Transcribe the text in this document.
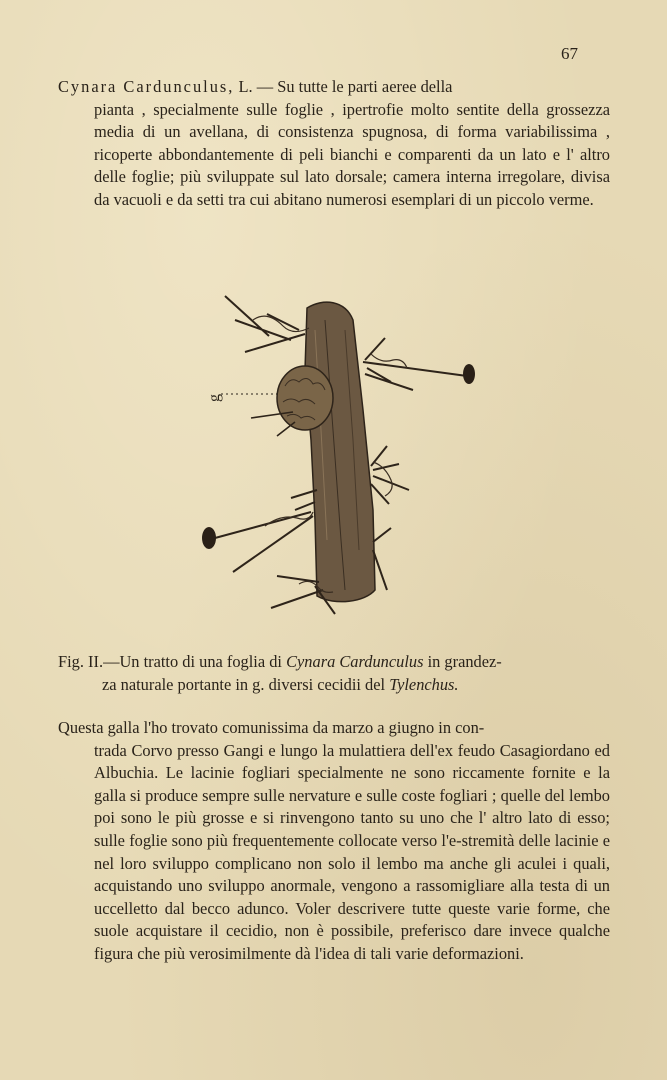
67

Cynara Cardunculus, L. — Su tutte le parti aeree della
pianta , specialmente sulle foglie , ipertrofie molto sentite della grossezza media di un avellana, di consistenza spugnosa, di forma variabilissima , ricoperte abbondantemente di peli bianchi e comparenti da un lato e l' altro delle foglie; più sviluppate sul lato dorsale; camera interna irregolare, divisa da vacuoli e da setti tra cui abitano numerosi esemplari di un piccolo verme.

g

Fig. II.—Un tratto di una foglia di Cynara Cardunculus in grandez-
za naturale portante in g. diversi cecidii del Tylenchus.

Questa galla l'ho trovato comunissima da marzo a giugno in con-
trada Corvo presso Gangi e lungo la mulattiera dell'ex feudo Casagiordano ed Albuchia. Le lacinie fogliari specialmente ne sono riccamente fornite e la galla si produce sempre sulle nervature e sulle coste fogliari ; quelle del lembo poi sono le più grosse e si rinvengono tanto su uno che l' altro lato di esso; sulle foglie sono più frequentemente collocate verso l'e-stremità delle lacinie e nel loro sviluppo complicano non solo il lembo ma anche gli aculei i quali, acquistando uno sviluppo anormale, vengono a rassomigliare alla testa di un uccelletto dal becco adunco. Voler descrivere tutte queste varie forme, che suole acquistare il cecidio, non è possibile, preferisco dare invece qualche figura che più verosimilmente dà l'idea di tali varie deformazioni.
